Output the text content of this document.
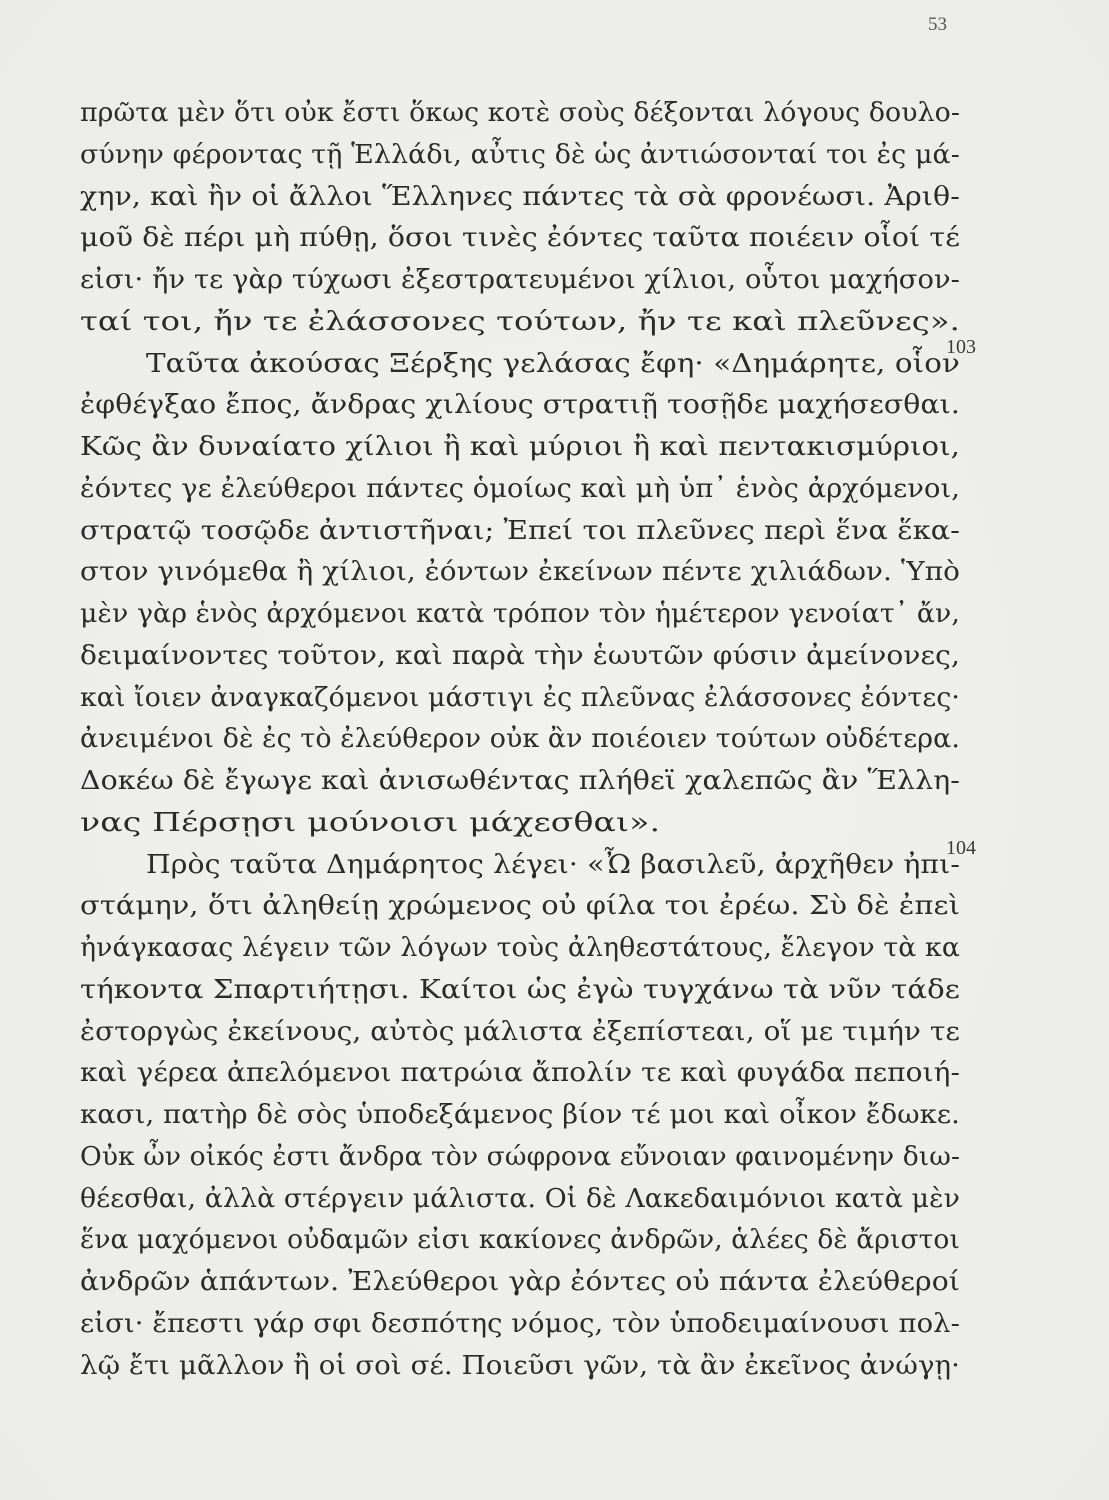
53
103
104
πρῶτα μὲν ὅτι οὐκ ἔστι ὅκως κοτὲ σοὺς δέξονται λόγους δουλο-
σύνην φέροντας τῇ Ἑλλάδι, αὖτις δὲ ὡς ἀντιώσονταί τοι ἐς μά-
χην, καὶ ἢν οἱ ἄλλοι Ἕλληνες πάντες τὰ σὰ φρονέωσι. Ἀριθ-
μοῦ δὲ πέρι μὴ πύθῃ, ὅσοι τινὲς ἐόντες ταῦτα ποιέειν οἷοί τέ
εἰσι· ἤν τε γὰρ τύχωσι ἐξεστρατευμένοι χίλιοι, οὗτοι μαχήσον-
ταί τοι, ἤν τε ἐλάσσονες τούτων, ἤν τε καὶ πλεῦνες».
Ταῦτα ἀκούσας Ξέρξης γελάσας ἔφη· «Δημάρητε, οἷον
ἐφθέγξαο ἔπος, ἄνδρας χιλίους στρατιῇ τοσῇδε μαχήσεσθαι.
Κῶς ἂν δυναίατο χίλιοι ἢ καὶ μύριοι ἢ καὶ πεντακισμύριοι,
ἐόντες γε ἐλεύθεροι πάντες ὁμοίως καὶ μὴ ὑπ᾽ ἑνὸς ἀρχόμενοι,
στρατῷ τοσῷδε ἀντιστῆναι; Ἐπεί τοι πλεῦνες περὶ ἕνα ἕκα-
στον γινόμεθα ἢ χίλιοι, ἐόντων ἐκείνων πέντε χιλιάδων. Ὑπὸ
μὲν γὰρ ἑνὸς ἀρχόμενοι κατὰ τρόπον τὸν ἡμέτερον γενοίατ᾽ ἄν,
δειμαίνοντες τοῦτον, καὶ παρὰ τὴν ἑωυτῶν φύσιν ἀμείνονες,
καὶ ἴοιεν ἀναγκαζόμενοι μάστιγι ἐς πλεῦνας ἐλάσσονες ἐόντες·
ἀνειμένοι δὲ ἐς τὸ ἐλεύθερον οὐκ ἂν ποιέοιεν τούτων οὐδέτερα.
Δοκέω δὲ ἔγωγε καὶ ἀνισωθέντας πλήθεϊ χαλεπῶς ἂν Ἕλλη-
νας Πέρσῃσι μούνοισι μάχεσθαι».
Πρὸς ταῦτα Δημάρητος λέγει· «Ὦ βασιλεῦ, ἀρχῆθεν ἠπι-
στάμην, ὅτι ἀληθείῃ χρώμενος οὐ φίλα τοι ἐρέω. Σὺ δὲ ἐπεὶ
ἠνάγκασας λέγειν τῶν λόγων τοὺς ἀληθεστάτους, ἔλεγον τὰ κα
τήκοντα Σπαρτιήτῃσι. Καίτοι ὡς ἐγὼ τυγχάνω τὰ νῦν τάδε
ἐστοργὼς ἐκείνους, αὐτὸς μάλιστα ἐξεπίστεαι, οἵ με τιμήν τε
καὶ γέρεα ἀπελόμενοι πατρώια ἄπολίν τε καὶ φυγάδα πεποιή-
κασι, πατὴρ δὲ σὸς ὑποδεξάμενος βίον τέ μοι καὶ οἶκον ἔδωκε.
Οὐκ ὦν οἰκός ἐστι ἄνδρα τὸν σώφρονα εὔνοιαν φαινομένην διω-
θέεσθαι, ἀλλὰ στέργειν μάλιστα. Οἱ δὲ Λακεδαιμόνιοι κατὰ μὲν
ἕνα μαχόμενοι οὐδαμῶν εἰσι κακίονες ἀνδρῶν, ἁλέες δὲ ἄριστοι
ἀνδρῶν ἁπάντων. Ἐλεύθεροι γὰρ ἐόντες οὐ πάντα ἐλεύθεροί
εἰσι· ἔπεστι γάρ σφι δεσπότης νόμος, τὸν ὑποδειμαίνουσι πολ-
λῷ ἔτι μᾶλλον ἢ οἱ σοὶ σέ. Ποιεῦσι γῶν, τὰ ἂν ἐκεῖνος ἀνώγῃ·
